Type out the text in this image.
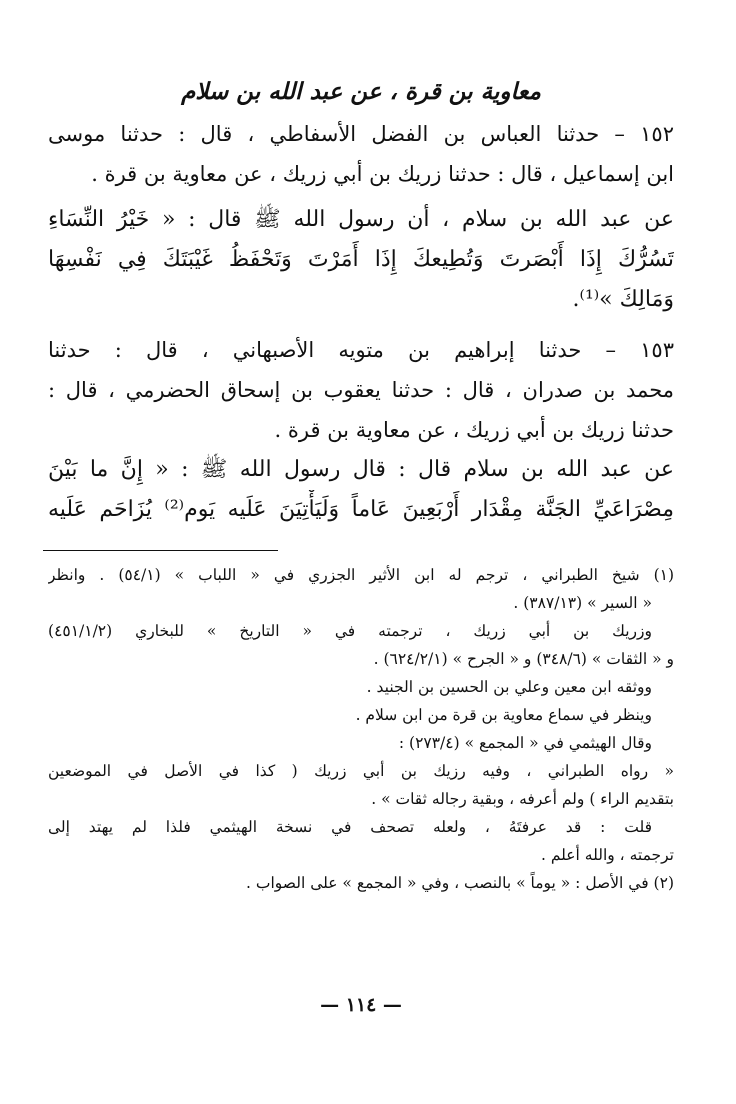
معاوية بن قرة ، عن عبد الله بن سلام

١٥٢ – حدثنا العباس بن الفضل الأسفاطي ، قال : حدثنا موسى

ابن إسماعيل ، قال : حدثنا زريك بن أبي زريك ، عن معاوية بن قرة .

عن عبد الله بن سلام ، أن رسول الله ﷺ قال : « خَيْرُ النِّسَاءِ

تَسُرُّكَ إِذَا أَبْصَرتَ وَتُطِيعكَ إِذَا أَمَرْتَ وَتَحْفَظُ غَيْبَتَكَ فِي نَفْسِهَا

وَمَالِكَ »⁽¹⁾.

١٥٣ – حدثنا إبراهيم بن متويه الأصبهاني ، قال : حدثنا

محمد بن صدران ، قال : حدثنا يعقوب بن إسحاق الحضرمي ، قال :

حدثنا زريك بن أبي زريك ، عن معاوية بن قرة .

عن عبد الله بن سلام قال : قال رسول الله ﷺ : « إِنَّ ما بَيْنَ

مِصْرَاعَيِّ الجَنَّة مِقْدَار أَرْبَعِينَ عَاماً وَلَيَأْتِيَنَ عَلَيه يَوم⁽²⁾ يُزَاحَم عَلَيه

(١) شيخ الطبراني ، ترجم له ابن الأثير الجزري في « اللباب » (٥٤/١) . وانظر

« السير » (٣٨٧/١٣) .

وزريك بن أبي زريك ، ترجمته في « التاريخ » للبخاري (٤٥١/١/٢)

و « الثقات » (٣٤٨/٦) و « الجرح » (٦٢٤/٢/١) .

ووثقه ابن معين وعلي بن الحسين بن الجنيد .

وينظر في سماع معاوية بن قرة من ابن سلام .

وقال الهيثمي في « المجمع » (٢٧٣/٤) :

« رواه الطبراني ، وفيه رزيك بن أبي زريك ( كذا في الأصل في الموضعين

بتقديم الراء ) ولم أعرفه ، وبقية رجاله ثقات » .

قلت : قد عرفتَهُ ، ولعله تصحف في نسخة الهيثمي فلذا لم يهتد إلى

ترجمته ، والله أعلم .

(٢) في الأصل : « يوماً » بالنصب ، وفي « المجمع » على الصواب .

— ١١٤ —
